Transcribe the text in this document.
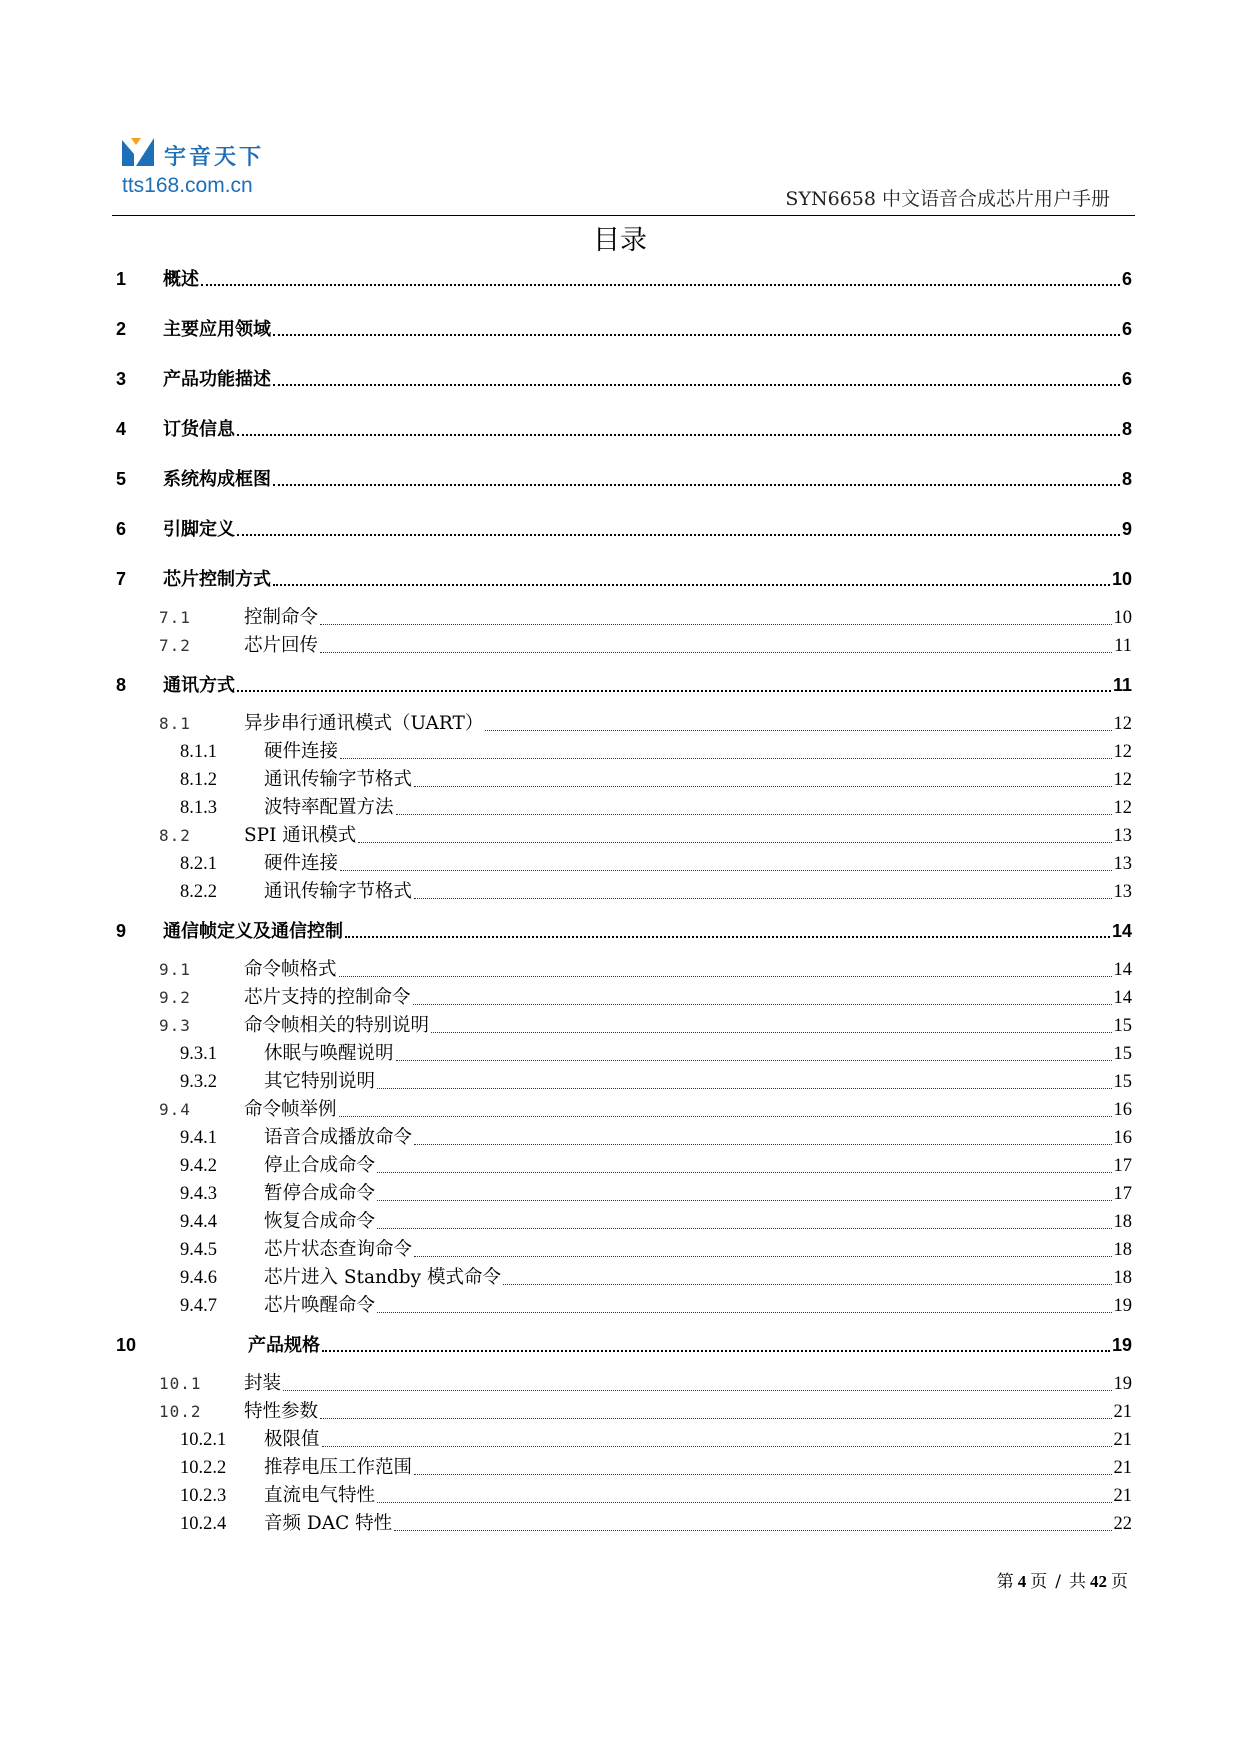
宇音天下
tts168.com.cn
SYN6658 中文语音合成芯片用户手册
目录
1	概述	6
2	主要应用领域	6
3	产品功能描述	6
4	订货信息	8
5	系统构成框图	8
6	引脚定义	9
7	芯片控制方式	10
7.1	控制命令	10
7.2	芯片回传	11
8	通讯方式	11
8.1	异步串行通讯模式（UART）	12
8.1.1	硬件连接	12
8.1.2	通讯传输字节格式	12
8.1.3	波特率配置方法	12
8.2	SPI 通讯模式	13
8.2.1	硬件连接	13
8.2.2	通讯传输字节格式	13
9	通信帧定义及通信控制	14
9.1	命令帧格式	14
9.2	芯片支持的控制命令	14
9.3	命令帧相关的特别说明	15
9.3.1	休眠与唤醒说明	15
9.3.2	其它特别说明	15
9.4	命令帧举例	16
9.4.1	语音合成播放命令	16
9.4.2	停止合成命令	17
9.4.3	暂停合成命令	17
9.4.4	恢复合成命令	18
9.4.5	芯片状态查询命令	18
9.4.6	芯片进入 Standby 模式命令	18
9.4.7	芯片唤醒命令	19
10	产品规格	19
10.1	封装	19
10.2	特性参数	21
10.2.1	极限值	21
10.2.2	推荐电压工作范围	21
10.2.3	直流电气特性	21
10.2.4	音频 DAC 特性	22
第 4 页 / 共 42 页
